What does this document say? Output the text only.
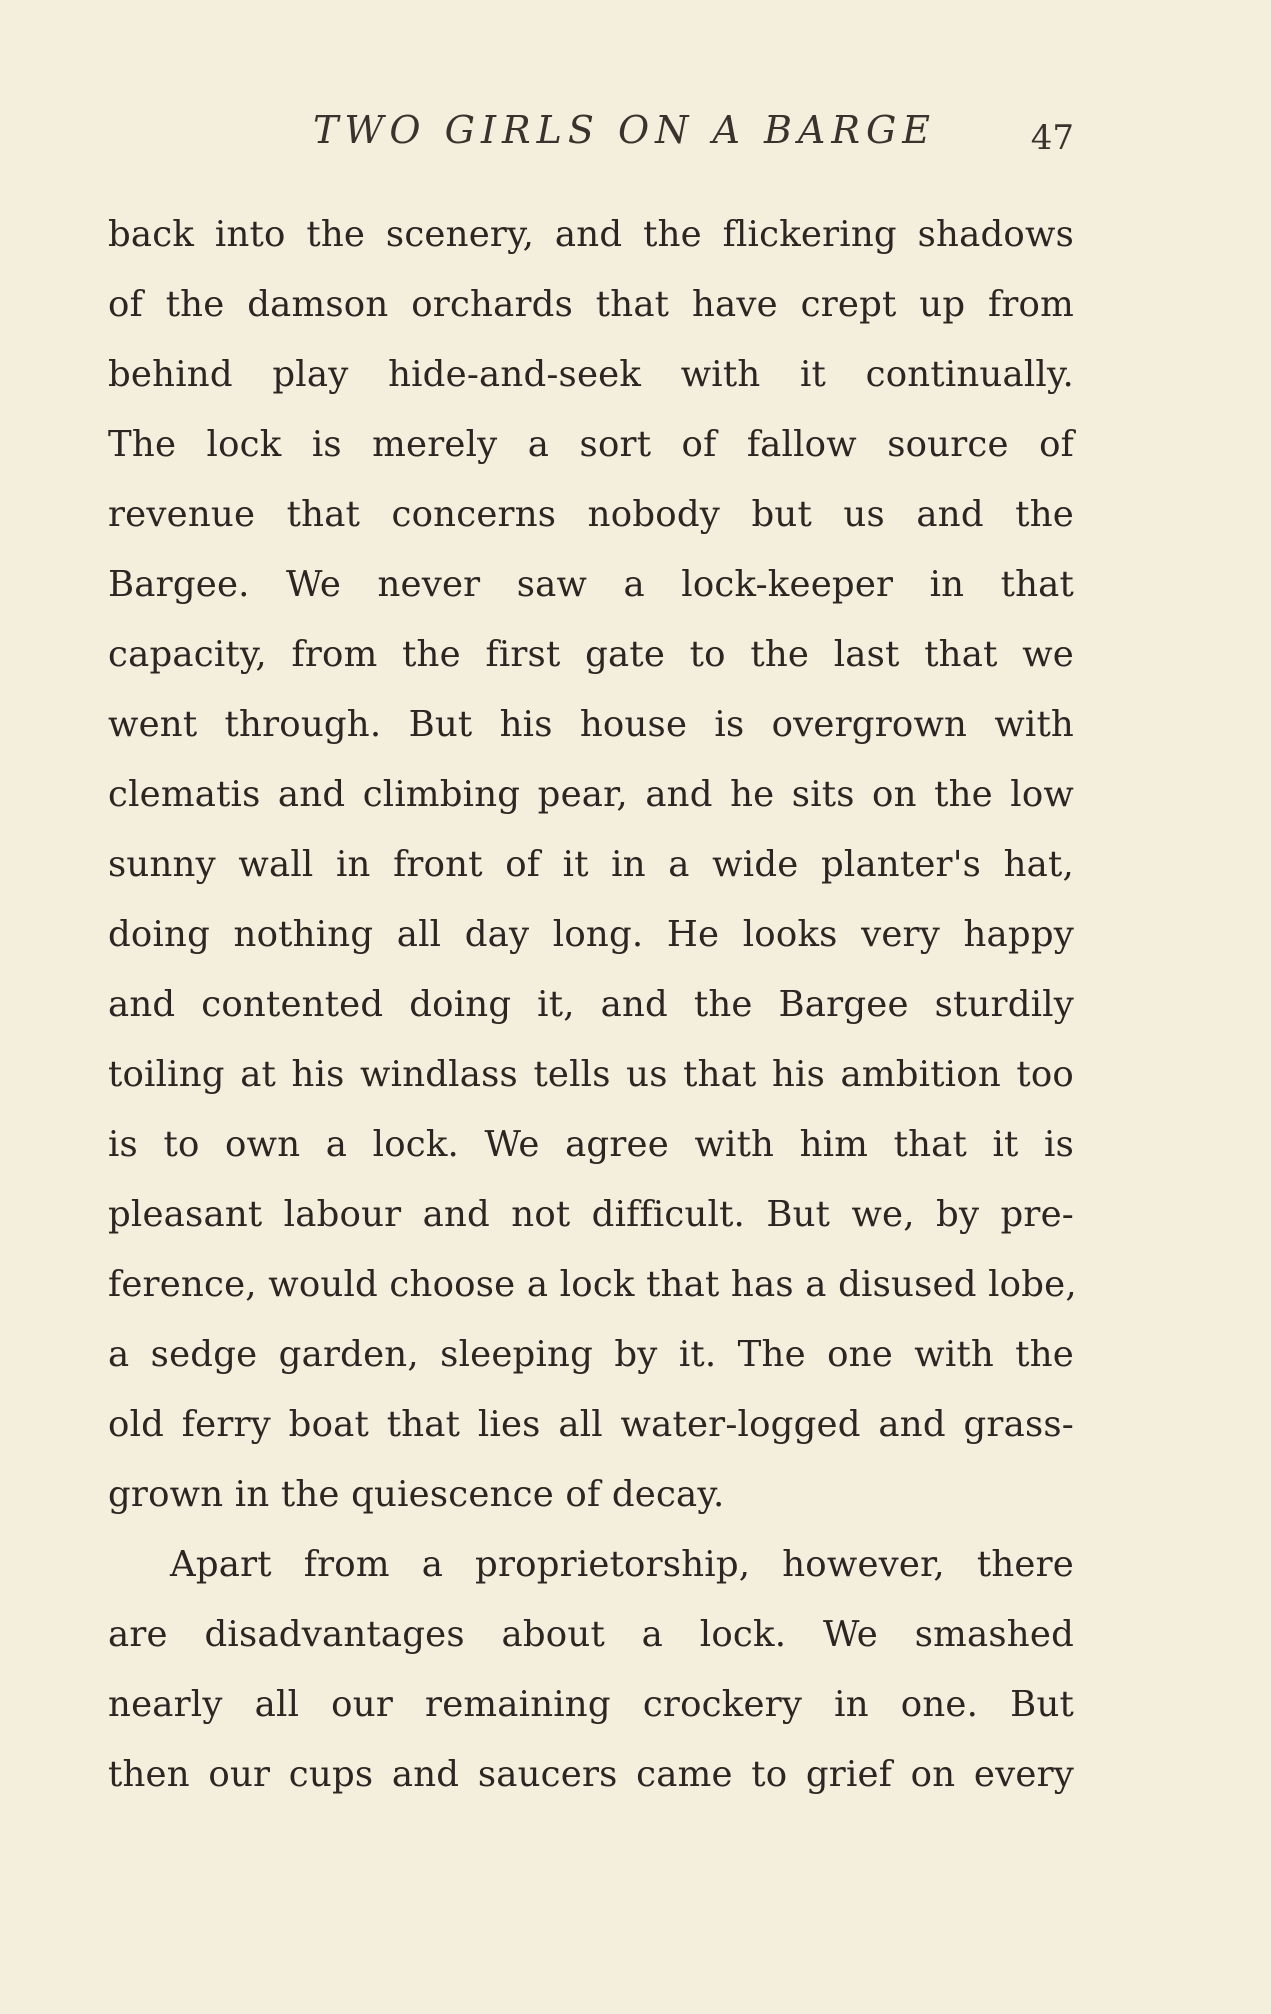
TWO GIRLS ON A BARGE	47
back into the scenery, and the flickering shadows
of the damson orchards that have crept up from
behind play hide-and-seek with it continually.
The lock is merely a sort of fallow source of
revenue that concerns nobody but us and the
Bargee. We never saw a lock-keeper in that
capacity, from the first gate to the last that we
went through. But his house is overgrown with
clematis and climbing pear, and he sits on the low
sunny wall in front of it in a wide planter's hat,
doing nothing all day long. He looks very happy
and contented doing it, and the Bargee sturdily
toiling at his windlass tells us that his ambition too
is to own a lock. We agree with him that it is
pleasant labour and not difficult. But we, by pre-
ference, would choose a lock that has a disused lobe,
a sedge garden, sleeping by it. The one with the
old ferry boat that lies all water-logged and grass-
grown in the quiescence of decay.
Apart from a proprietorship, however, there
are disadvantages about a lock. We smashed
nearly all our remaining crockery in one. But
then our cups and saucers came to grief on every
